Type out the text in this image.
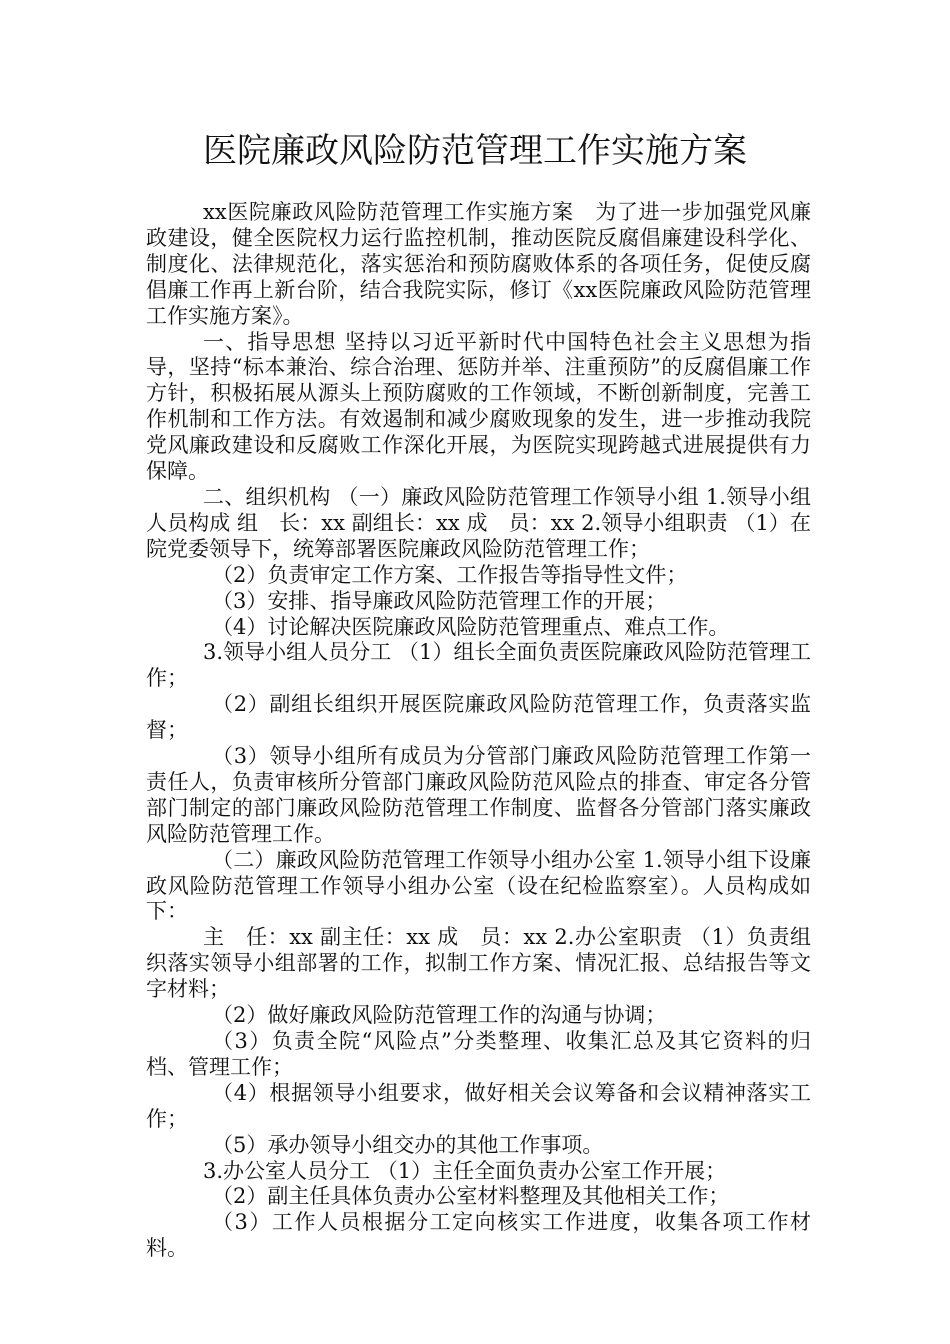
医院廉政风险防范管理工作实施方案

xx医院廉政风险防范管理工作实施方案　为了进一步加强党风廉政建设，健全医院权力运行监控机制，推动医院反腐倡廉建设科学化、制度化、法律规范化，落实惩治和预防腐败体系的各项任务，促使反腐倡廉工作再上新台阶，结合我院实际，修订《xx医院廉政风险防范管理工作实施方案》。

一、指导思想 坚持以习近平新时代中国特色社会主义思想为指导，坚持“标本兼治、综合治理、惩防并举、注重预防”的反腐倡廉工作方针，积极拓展从源头上预防腐败的工作领域，不断创新制度，完善工作机制和工作方法。有效遏制和减少腐败现象的发生，进一步推动我院党风廉政建设和反腐败工作深化开展，为医院实现跨越式进展提供有力保障。

二、组织机构 （一）廉政风险防范管理工作领导小组 1.领导小组人员构成 组　长：xx 副组长：xx 成　员：xx 2.领导小组职责 （1）在院党委领导下，统筹部署医院廉政风险防范管理工作；

（2）负责审定工作方案、工作报告等指导性文件；

（3）安排、指导廉政风险防范管理工作的开展；

（4）讨论解决医院廉政风险防范管理重点、难点工作。

3.领导小组人员分工 （1）组长全面负责医院廉政风险防范管理工作；

（2）副组长组织开展医院廉政风险防范管理工作，负责落实监督；

（3）领导小组所有成员为分管部门廉政风险防范管理工作第一责任人，负责审核所分管部门廉政风险防范风险点的排查、审定各分管部门制定的部门廉政风险防范管理工作制度、监督各分管部门落实廉政风险防范管理工作。

（二）廉政风险防范管理工作领导小组办公室 1.领导小组下设廉政风险防范管理工作领导小组办公室（设在纪检监察室）。人员构成如下：

主　任：xx 副主任：xx 成　员：xx 2.办公室职责 （1）负责组织落实领导小组部署的工作，拟制工作方案、情况汇报、总结报告等文字材料；

（2）做好廉政风险防范管理工作的沟通与协调；

（3）负责全院“风险点”分类整理、收集汇总及其它资料的归档、管理工作；

（4）根据领导小组要求，做好相关会议筹备和会议精神落实工作；

（5）承办领导小组交办的其他工作事项。

3.办公室人员分工 （1）主任全面负责办公室工作开展；

（2）副主任具体负责办公室材料整理及其他相关工作；

（3）工作人员根据分工定向核实工作进度，收集各项工作材料。
